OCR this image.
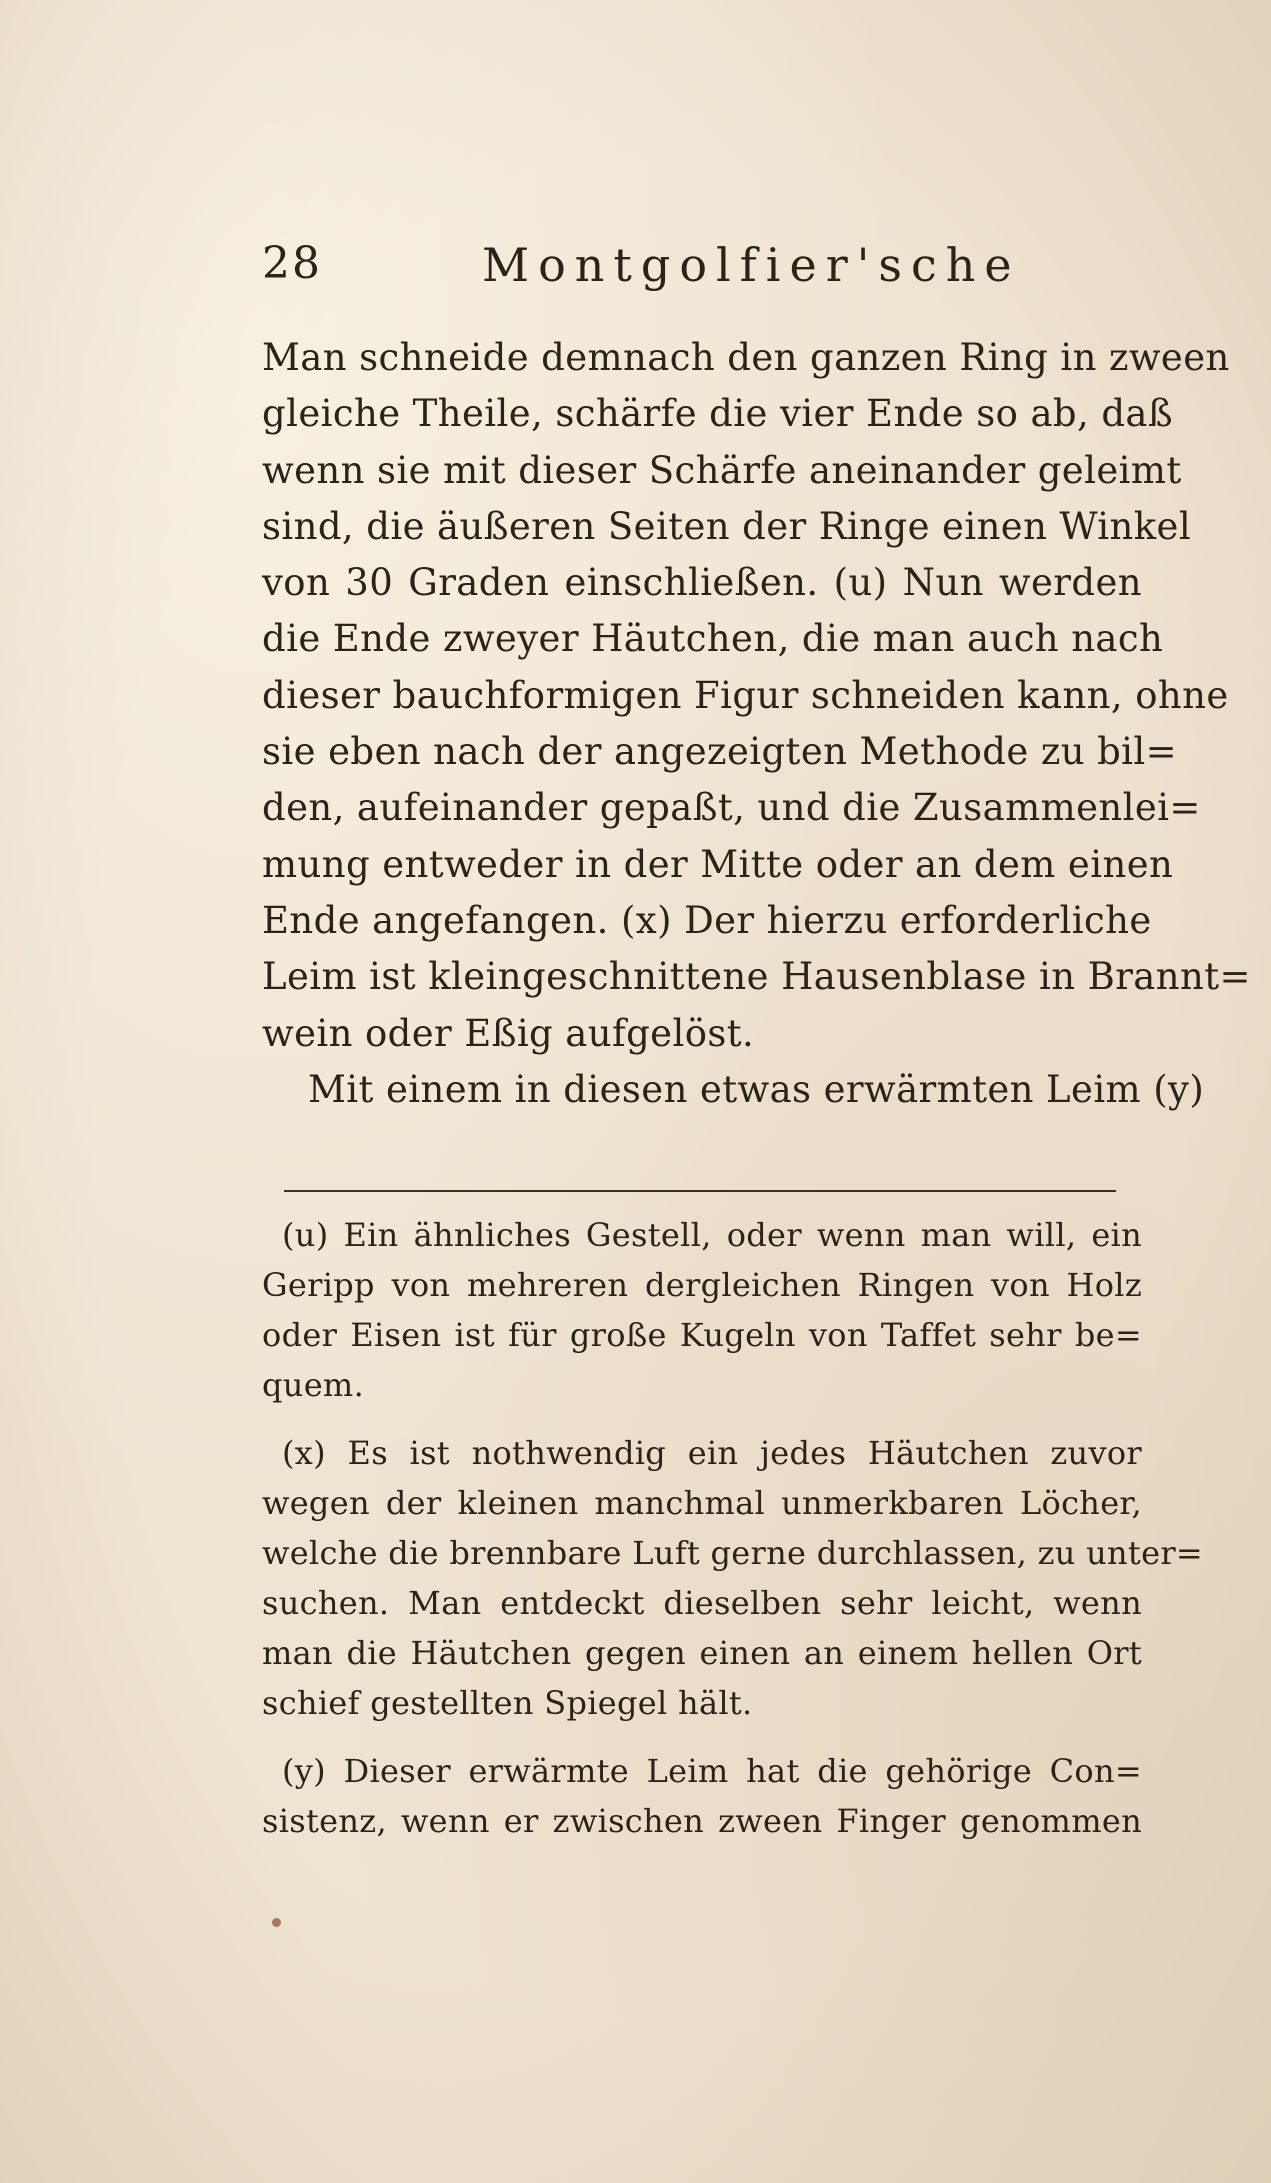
28	Montgolfier'sche
Man schneide demnach den ganzen Ring in zween
gleiche Theile, schärfe die vier Ende so ab, daß
wenn sie mit dieser Schärfe aneinander geleimt
sind, die äußeren Seiten der Ringe einen Winkel
von 30 Graden einschließen. (u) Nun werden
die Ende zweyer Häutchen, die man auch nach
dieser bauchformigen Figur schneiden kann, ohne
sie eben nach der angezeigten Methode zu bil=
den, aufeinander gepaßt, und die Zusammenlei=
mung entweder in der Mitte oder an dem einen
Ende angefangen. (x) Der hierzu erforderliche
Leim ist kleingeschnittene Hausenblase in Brannt=
wein oder Eßig aufgelöst.
Mit einem in diesen etwas erwärmten Leim (y)
(u) Ein ähnliches Gestell, oder wenn man will, ein
Geripp von mehreren dergleichen Ringen von Holz
oder Eisen ist für große Kugeln von Taffet sehr be=
quem.
(x) Es ist nothwendig ein jedes Häutchen zuvor
wegen der kleinen manchmal unmerkbaren Löcher,
welche die brennbare Luft gerne durchlassen, zu unter=
suchen. Man entdeckt dieselben sehr leicht, wenn
man die Häutchen gegen einen an einem hellen Ort
schief gestellten Spiegel hält.
(y) Dieser erwärmte Leim hat die gehörige Con=
sistenz, wenn er zwischen zween Finger genommen
